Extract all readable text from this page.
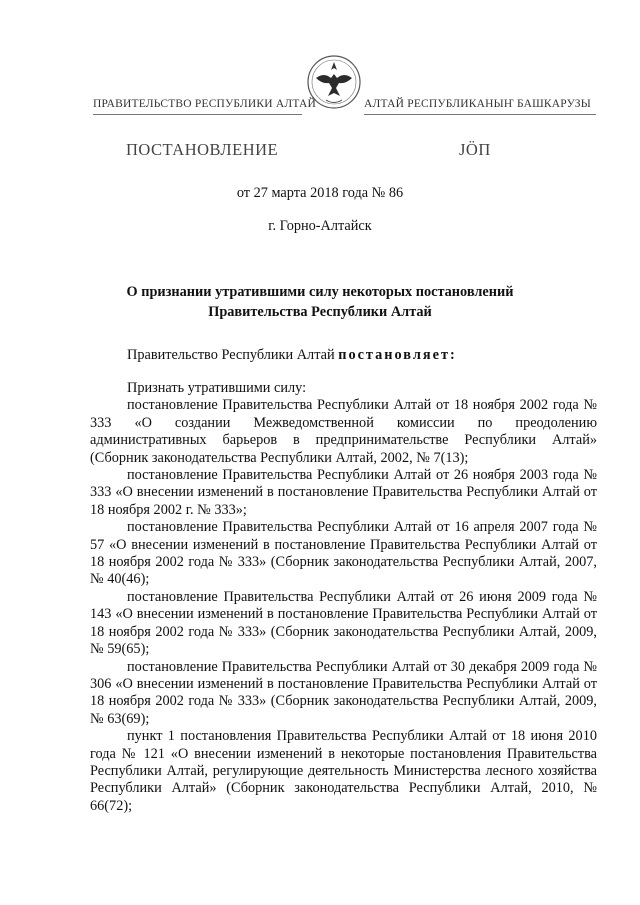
ПРАВИТЕЛЬСТВО РЕСПУБЛИКИ АЛТАЙ	АЛТАЙ РЕСПУБЛИКАНЫҤ БАШКАРУЗЫ
ПОСТАНОВЛЕНИЕ	ЈӦП
от 27 марта 2018 года № 86
г. Горно-Алтайск
О признании утратившими силу некоторых постановлений
Правительства Республики Алтай
Правительство Республики Алтай постановляет:

Признать утратившими силу:

постановление Правительства Республики Алтай от 18 ноября 2002 года № 333 «О создании Межведомственной комиссии по преодолению административных барьеров в предпринимательстве Республики Алтай» (Сборник законодательства Республики Алтай, 2002, № 7(13);

постановление Правительства Республики Алтай от 26 ноября 2003 года № 333 «О внесении изменений в постановление Правительства Республики Алтай от 18 ноября 2002 г. № 333»;

постановление Правительства Республики Алтай от 16 апреля 2007 года № 57 «О внесении изменений в постановление Правительства Республики Алтай от 18 ноября 2002 года № 333» (Сборник законодательства Республики Алтай, 2007, № 40(46);

постановление Правительства Республики Алтай от 26 июня 2009 года № 143 «О внесении изменений в постановление Правительства Республики Алтай от 18 ноября 2002 года № 333» (Сборник законодательства Республики Алтай, 2009, № 59(65);

постановление Правительства Республики Алтай от 30 декабря 2009 года № 306 «О внесении изменений в постановление Правительства Республики Алтай от 18 ноября 2002 года № 333» (Сборник законодательства Республики Алтай, 2009, № 63(69);

пункт 1 постановления Правительства Республики Алтай от 18 июня 2010 года № 121 «О внесении изменений в некоторые постановления Правительства Республики Алтай, регулирующие деятельность Министерства лесного хозяйства Республики Алтай» (Сборник законодательства Республики Алтай, 2010, № 66(72);
